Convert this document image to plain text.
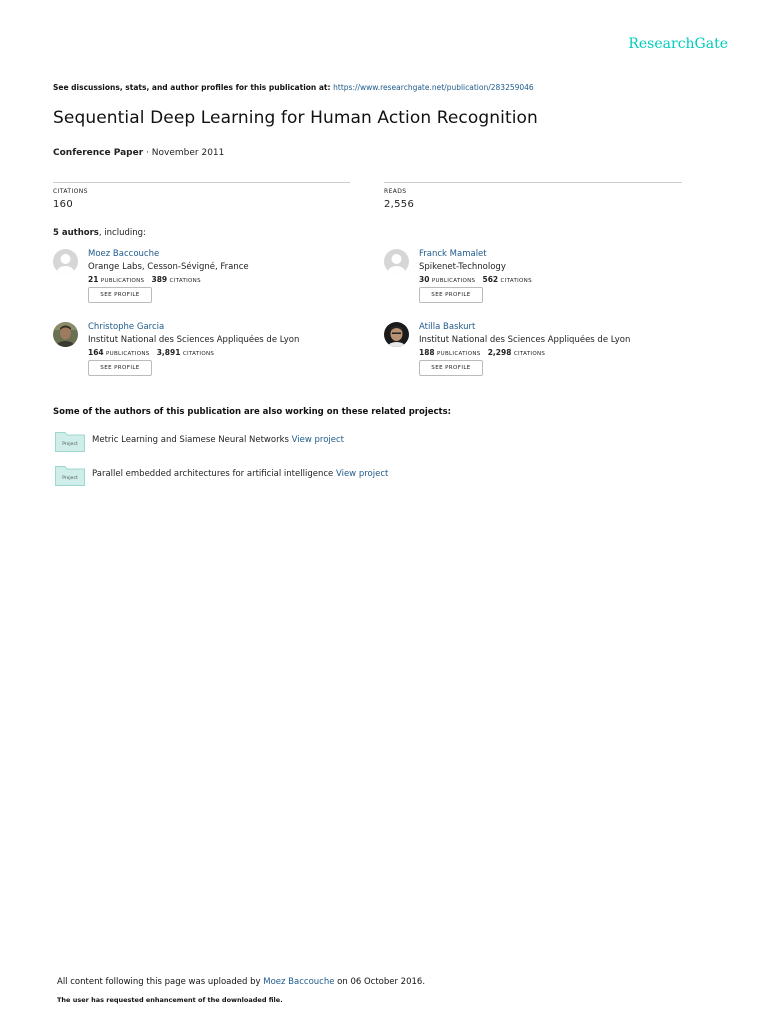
ResearchGate
See discussions, stats, and author profiles for this publication at: https://www.researchgate.net/publication/283259046
Sequential Deep Learning for Human Action Recognition
Conference Paper · November 2011
CITATIONS
160
READS
2,556
5 authors, including:
Moez Baccouche
Orange Labs, Cesson-Sévigné, France
21 PUBLICATIONS 389 CITATIONS
SEE PROFILE
Franck Mamalet
Spikenet-Technology
30 PUBLICATIONS 562 CITATIONS
SEE PROFILE
Christophe Garcia
Institut National des Sciences Appliquées de Lyon
164 PUBLICATIONS 3,891 CITATIONS
SEE PROFILE
Atilla Baskurt
Institut National des Sciences Appliquées de Lyon
188 PUBLICATIONS 2,298 CITATIONS
SEE PROFILE
Some of the authors of this publication are also working on these related projects:
Project Metric Learning and Siamese Neural Networks View project
Project Parallel embedded architectures for artificial intelligence View project
All content following this page was uploaded by Moez Baccouche on 06 October 2016.
The user has requested enhancement of the downloaded file.
